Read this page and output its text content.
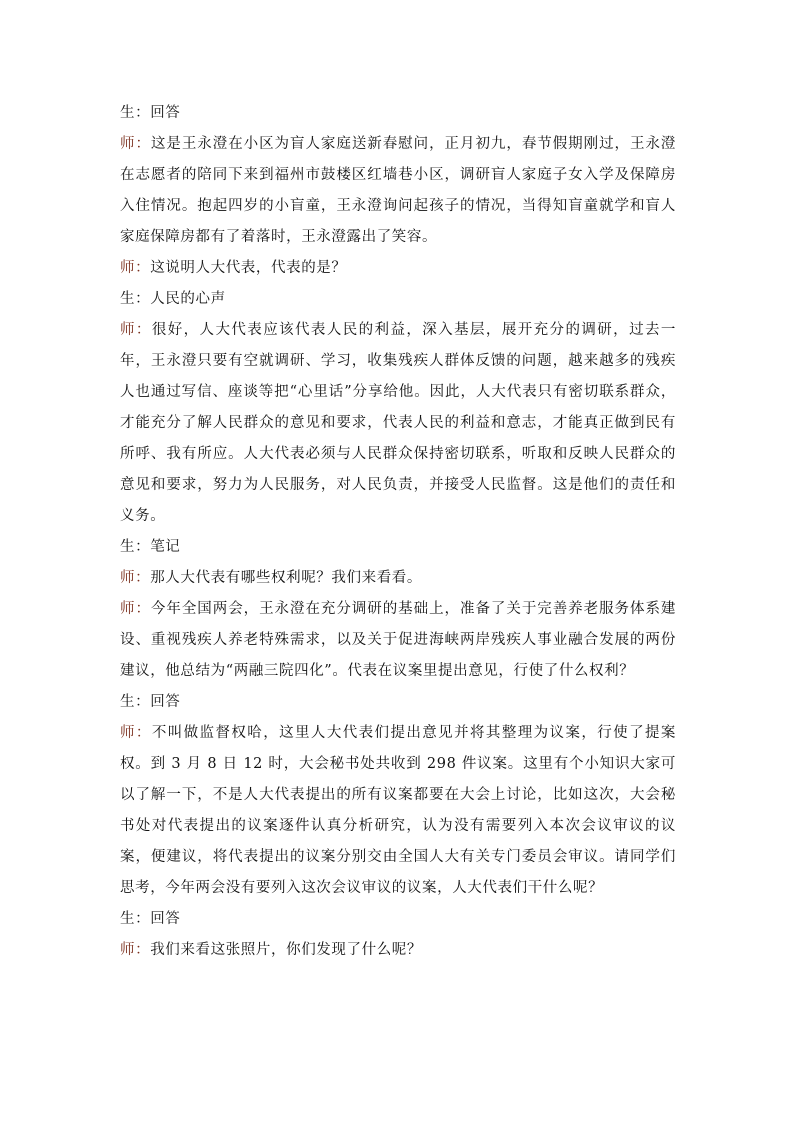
生：回答

师：这是王永澄在小区为盲人家庭送新春慰问，正月初九，春节假期刚过，王永澄在志愿者的陪同下来到福州市鼓楼区红墙巷小区，调研盲人家庭子女入学及保障房入住情况。抱起四岁的小盲童，王永澄询问起孩子的情况，当得知盲童就学和盲人家庭保障房都有了着落时，王永澄露出了笑容。

师：这说明人大代表，代表的是？

生：人民的心声

师：很好，人大代表应该代表人民的利益，深入基层，展开充分的调研，过去一年，王永澄只要有空就调研、学习，收集残疾人群体反馈的问题，越来越多的残疾人也通过写信、座谈等把“心里话”分享给他。因此，人大代表只有密切联系群众，才能充分了解人民群众的意见和要求，代表人民的利益和意志，才能真正做到民有所呼、我有所应。人大代表必须与人民群众保持密切联系，听取和反映人民群众的意见和要求，努力为人民服务，对人民负责，并接受人民监督。这是他们的责任和义务。

生：笔记

师：那人大代表有哪些权利呢？我们来看看。

师：今年全国两会，王永澄在充分调研的基础上，准备了关于完善养老服务体系建设、重视残疾人养老特殊需求，以及关于促进海峡两岸残疾人事业融合发展的两份建议，他总结为“两融三院四化”。代表在议案里提出意见，行使了什么权利？

生：回答

师：不叫做监督权哈，这里人大代表们提出意见并将其整理为议案，行使了提案权。到 3 月 8 日 12 时，大会秘书处共收到 298 件议案。这里有个小知识大家可以了解一下，不是人大代表提出的所有议案都要在大会上讨论，比如这次，大会秘书处对代表提出的议案逐件认真分析研究，认为没有需要列入本次会议审议的议案，便建议，将代表提出的议案分别交由全国人大有关专门委员会审议。请同学们思考，今年两会没有要列入这次会议审议的议案，人大代表们干什么呢？

生：回答

师：我们来看这张照片，你们发现了什么呢？
